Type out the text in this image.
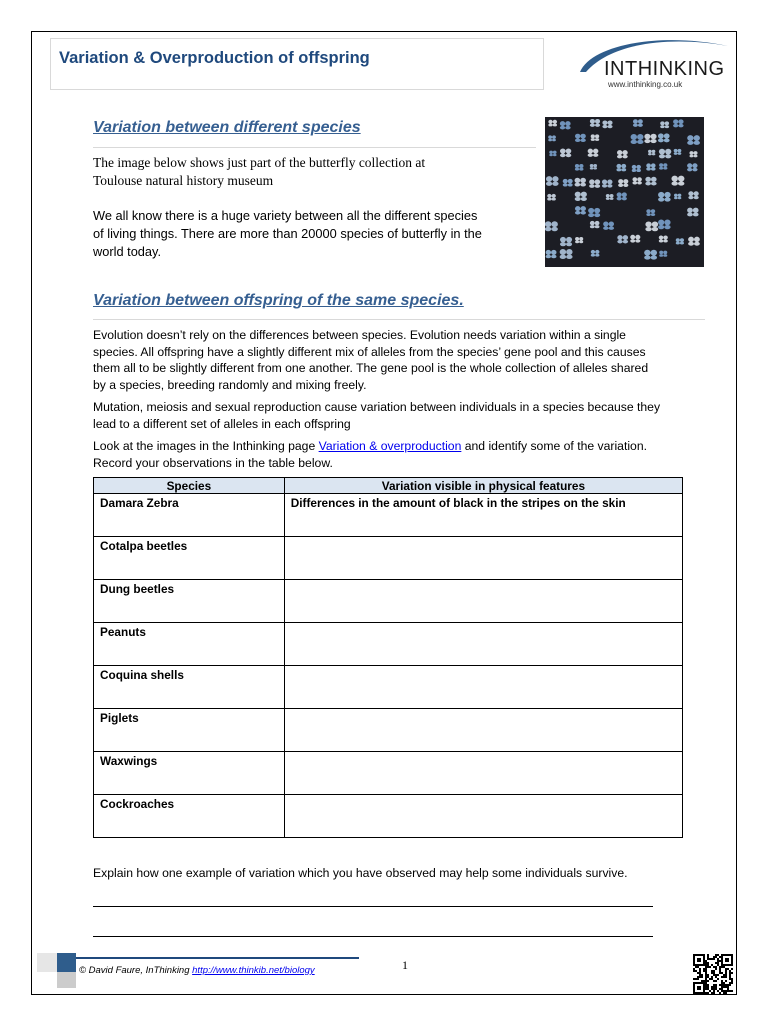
Variation & Overproduction of offspring	INTHINKING
www.inthinking.co.uk
Variation between different species
The image below shows just part of the butterfly collection at
Toulouse natural history museum
We all know there is a huge variety between all the different species
of living things. There are more than 20000 species of butterfly in the
world today.
Variation between offspring of the same species.
Evolution doesn’t rely on the differences between species. Evolution needs variation within a single
species. All offspring have a slightly different mix of alleles from the species’ gene pool and this causes
them all to be slightly different from one another. The gene pool is the whole collection of alleles shared
by a species, breeding randomly and mixing freely.
Mutation, meiosis and sexual reproduction cause variation between individuals in a species because they
lead to a different set of alleles in each offspring
Look at the images in the Inthinking page Variation & overproduction and identify some of the variation.
Record your observations in the table below.
Species	Variation visible in physical features
Damara Zebra	Differences in the amount of black in the stripes on the skin
Cotalpa beetles	
Dung beetles	
Peanuts	
Coquina shells	
Piglets	
Waxwings	
Cockroaches	
Explain how one example of variation which you have observed may help some individuals survive.
© David Faure, InThinking http://www.thinkib.net/biology	1
